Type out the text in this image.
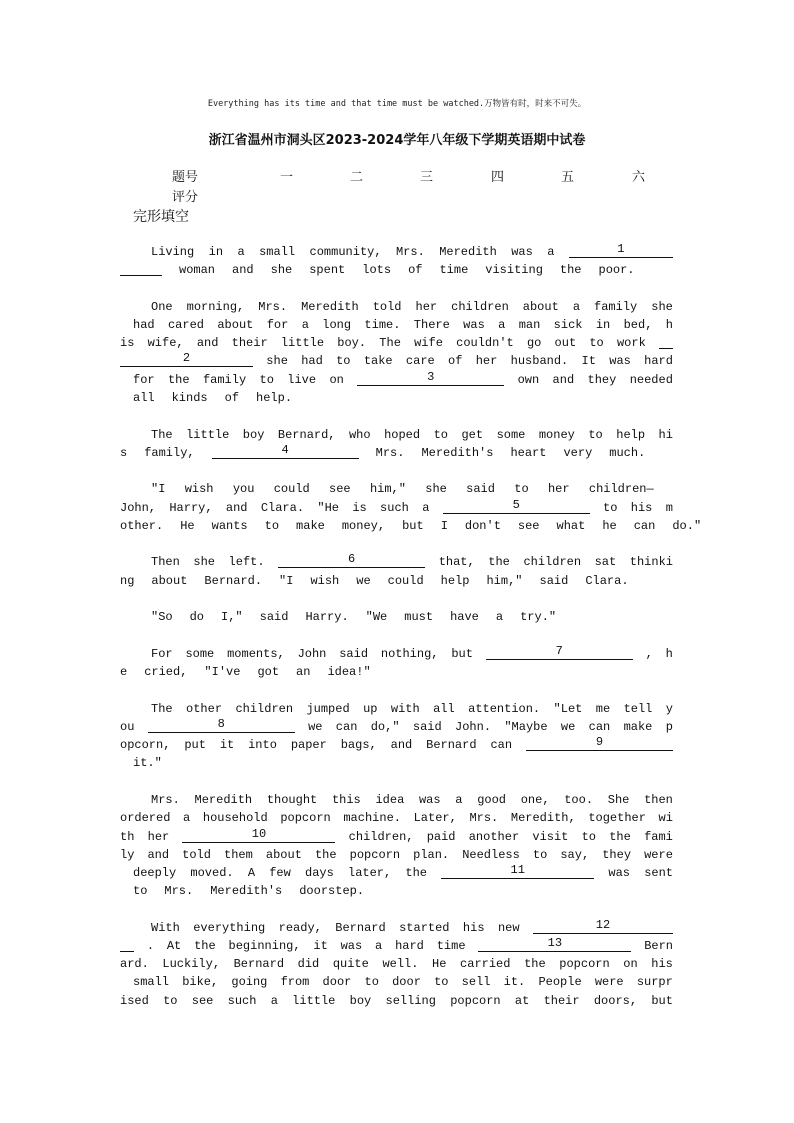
Everything has its time and that time must be watched.万物皆有时，时来不可失。
浙江省温州市洞头区2023-2024学年八年级下学期英语期中试卷
题号	一	二	三	四	五	六
评分
完形填空
Living in a small community, Mrs. Meredith was a	1
woman and she spent lots of time visiting the poor.
One morning, Mrs. Meredith told her children about a family she
had cared about for a long time. There was a man sick in bed, h
is wife, and their little boy. The wife couldn't go out to work
2	she had to take care of her husband. It was hard
for the family to live on	3	own and they needed
all kinds of help.
The little boy Bernard, who hoped to get some money to help hi
s family,	4	Mrs. Meredith's heart very much.
″I wish you could see him,″ she said to her children—
John, Harry, and Clara. ″He is such a	5	to his m
other. He wants to make money, but I don't see what he can do.″
Then she left.	6	that, the children sat thinki
ng about Bernard. ″I wish we could help him,″ said Clara.
″So do I,″ said Harry. ″We must have a try.″
For some moments, John said nothing, but	7	, h
e cried, ″I've got an idea!″
The other children jumped up with all attention. ″Let me tell y
ou	8	we can do,″ said John. ″Maybe we can make p
opcorn, put it into paper bags, and Bernard can	9
it.″
Mrs. Meredith thought this idea was a good one, too. She then
ordered a household popcorn machine. Later, Mrs. Meredith, together wi
th her	10	children, paid another visit to the fami
ly and told them about the popcorn plan. Needless to say, they were
deeply moved. A few days later, the	11	was sent
to Mrs. Meredith's doorstep.
With everything ready, Bernard started his new	12
. At the beginning, it was a hard time	13	Bern
ard. Luckily, Bernard did quite well. He carried the popcorn on his
small bike, going from door to door to sell it. People were surpr
ised to see such a little boy selling popcorn at their doors, but
